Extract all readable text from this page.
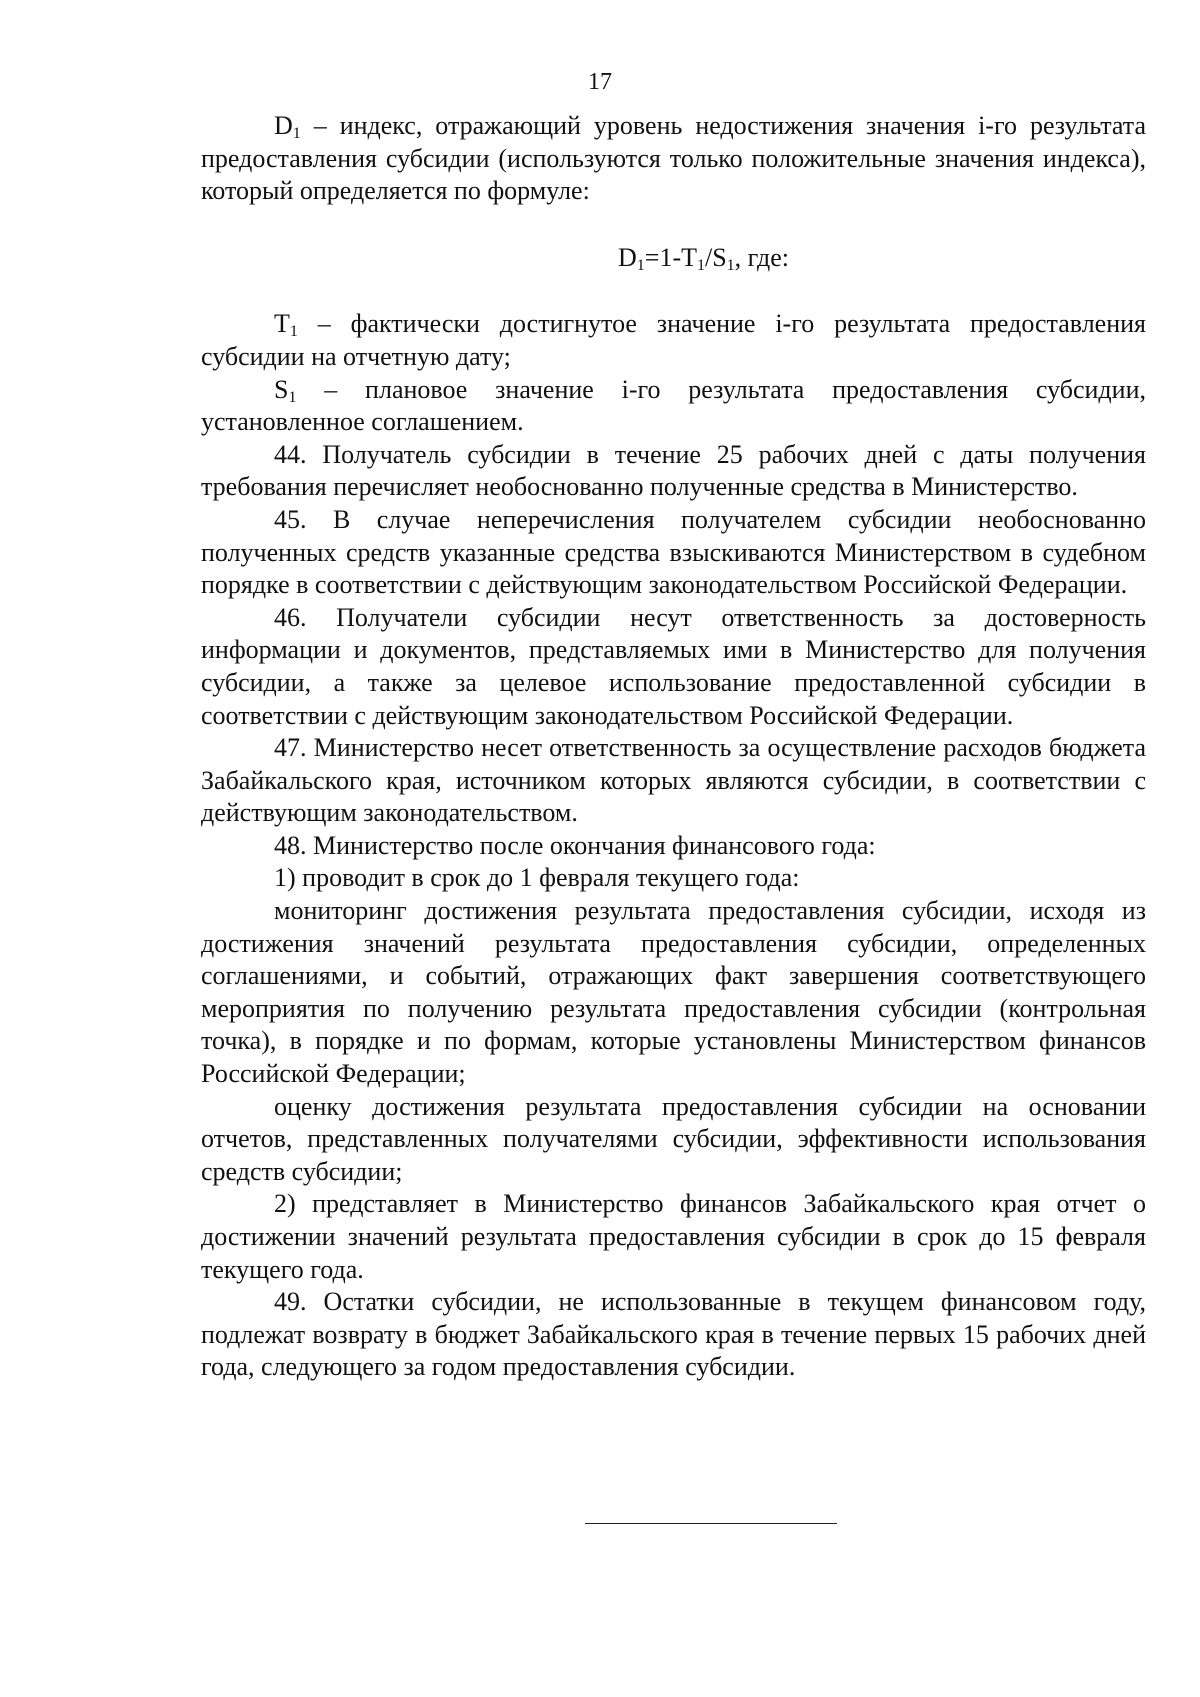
17

$D_1$ – индекс, отражающий уровень недостижения значения i-го результата предоставления субсидии (используются только положительные значения индекса), который определяется по формуле:

$D_1=1-T_1/S_1$, где:

$T_1$ – фактически достигнутое значение i-го результата предоставления субсидии на отчетную дату;

$S_1$ – плановое значение i-го результата предоставления субсидии, установленное соглашением.

44. Получатель субсидии в течение 25 рабочих дней с даты получения требования перечисляет необоснованно полученные средства в Министерство.

45. В случае неперечисления получателем субсидии необоснованно полученных средств указанные средства взыскиваются Министерством в судебном порядке в соответствии с действующим законодательством Российской Федерации.

46. Получатели субсидии несут ответственность за достоверность информации и документов, представляемых ими в Министерство для получения субсидии, а также за целевое использование предоставленной субсидии в соответствии с действующим законодательством Российской Федерации.

47. Министерство несет ответственность за осуществление расходов бюджета Забайкальского края, источником которых являются субсидии, в соответствии с действующим законодательством.

48. Министерство после окончания финансового года:

1) проводит в срок до 1 февраля текущего года:

мониторинг достижения результата предоставления субсидии, исходя из достижения значений результата предоставления субсидии, определенных соглашениями, и событий, отражающих факт завершения соответствующего мероприятия по получению результата предоставления субсидии (контрольная точка), в порядке и по формам, которые установлены Министерством финансов Российской Федерации;

оценку достижения результата предоставления субсидии на основании отчетов, представленных получателями субсидии, эффективности использования средств субсидии;

2) представляет в Министерство финансов Забайкальского края отчет о достижении значений результата предоставления субсидии в срок до 15 февраля текущего года.

49. Остатки субсидии, не использованные в текущем финансовом году, подлежат возврату в бюджет Забайкальского края в течение первых 15 рабочих дней года, следующего за годом предоставления субсидии.
